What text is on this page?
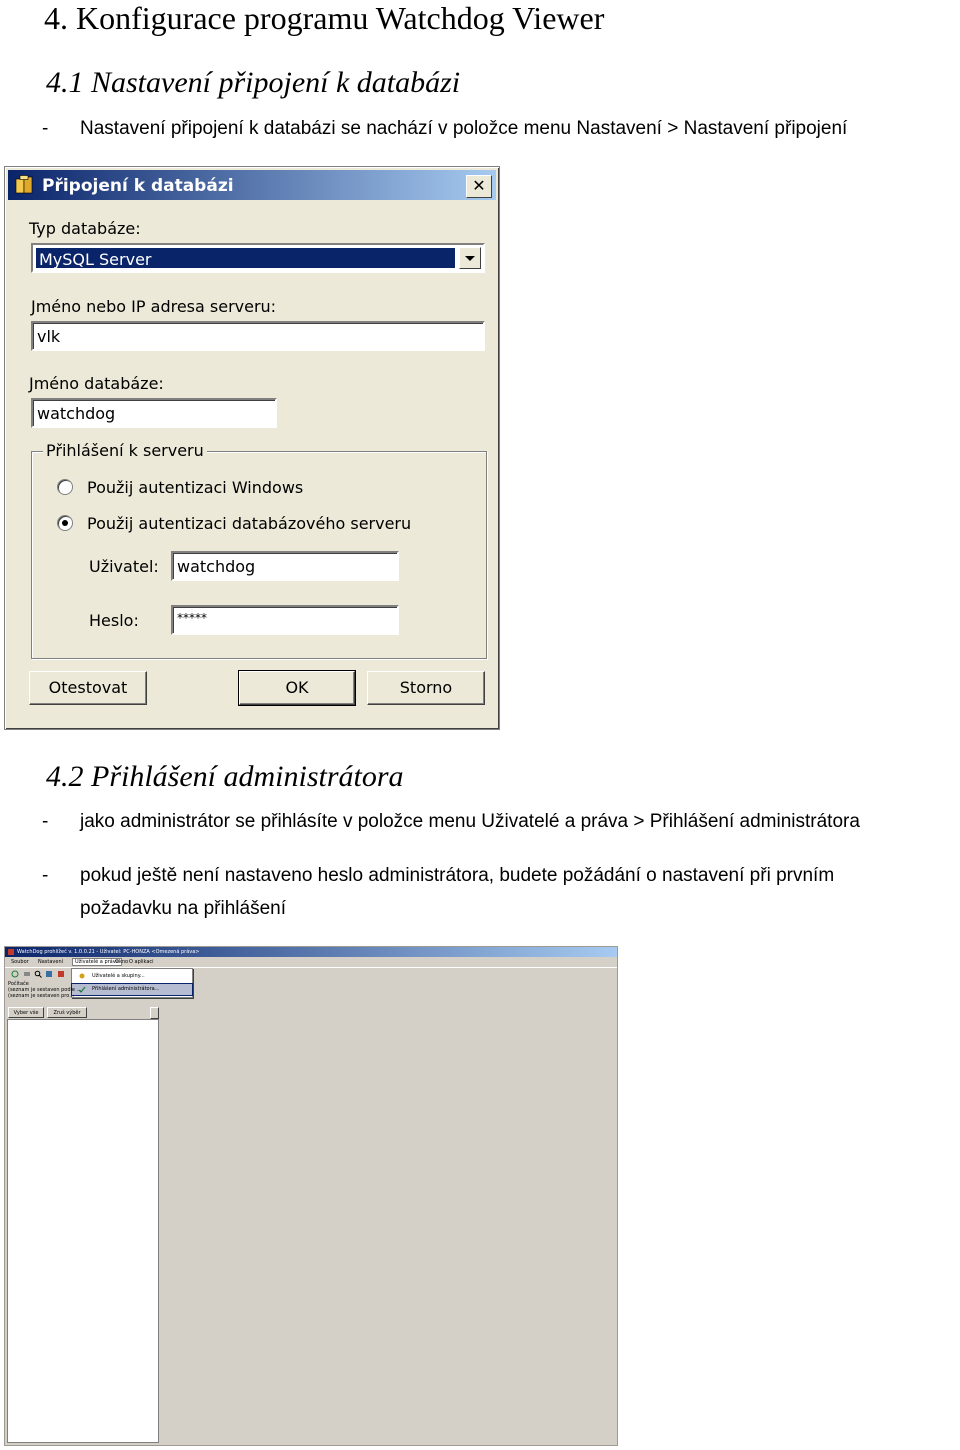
4. Konfigurace programu Watchdog Viewer
4.1 Nastavení připojení k databázi
- Nastavení připojení k databázi se nachází v položce menu Nastavení > Nastavení připojení
Připojení k databázi	✕
Typ databáze:
MySQL Server
Jméno nebo IP adresa serveru:
vlk
Jméno databáze:
watchdog
Přihlášení k serveru
Použij autentizaci Windows
Použij autentizaci databázového serveru
Uživatel:	watchdog
Heslo:	*****
Otestovat	OK	Storno
4.2 Přihlášení administrátora
- jako administrátor se přihlásíte v položce menu Uživatelé a práva > Přihlášení administrátora
- pokud ještě není nastaveno heslo administrátora, budete požádání o nastavení při prvním
požadavku na přihlášení
WatchDog prohlížeč v. 1.0.0.21 - Uživatel: PC-HONZA <Omezená práva>
Soubor Nastavení	Uživatelé a práva
Okno O aplikaci
Uživatelé a skupiny...
Přihlášení administrátora...
Počítače
(seznam je sestaven podle ...
(seznam je sestaven pro...
Vyber vše	Zruš výběr
